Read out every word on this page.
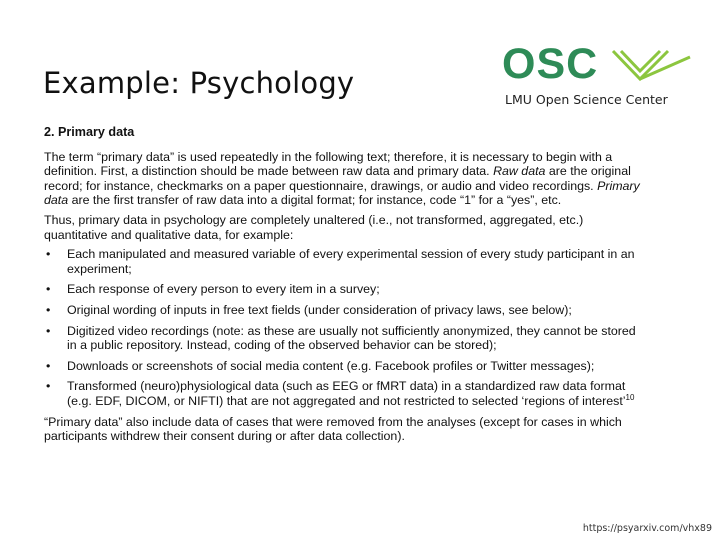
Example: Psychology	OSC
LMU Open Science Center
2. Primary data

The term “primary data” is used repeatedly in the following text; therefore, it is necessary to begin with a definition. First, a distinction should be made between raw data and primary data. Raw data are the original record; for instance, checkmarks on a paper questionnaire, drawings, or audio and video recordings. Primary data are the first transfer of raw data into a digital format; for instance, code “1” for a “yes”, etc.

Thus, primary data in psychology are completely unaltered (i.e., not transformed, aggregated, etc.) quantitative and qualitative data, for example:

• Each manipulated and measured variable of every experimental session of every study participant in an experiment;
• Each response of every person to every item in a survey;
• Original wording of inputs in free text fields (under consideration of privacy laws, see below);
• Digitized video recordings (note: as these are usually not sufficiently anonymized, they cannot be stored in a public repository. Instead, coding of the observed behavior can be stored);
• Downloads or screenshots of social media content (e.g. Facebook profiles or Twitter messages);
• Transformed (neuro)physiological data (such as EEG or fMRT data) in a standardized raw data format (e.g. EDF, DICOM, or NIFTI) that are not aggregated and not restricted to selected ‘regions of interest’$^{10}$

“Primary data” also include data of cases that were removed from the analyses (except for cases in which participants withdrew their consent during or after data collection).

https://psyarxiv.com/vhx89
